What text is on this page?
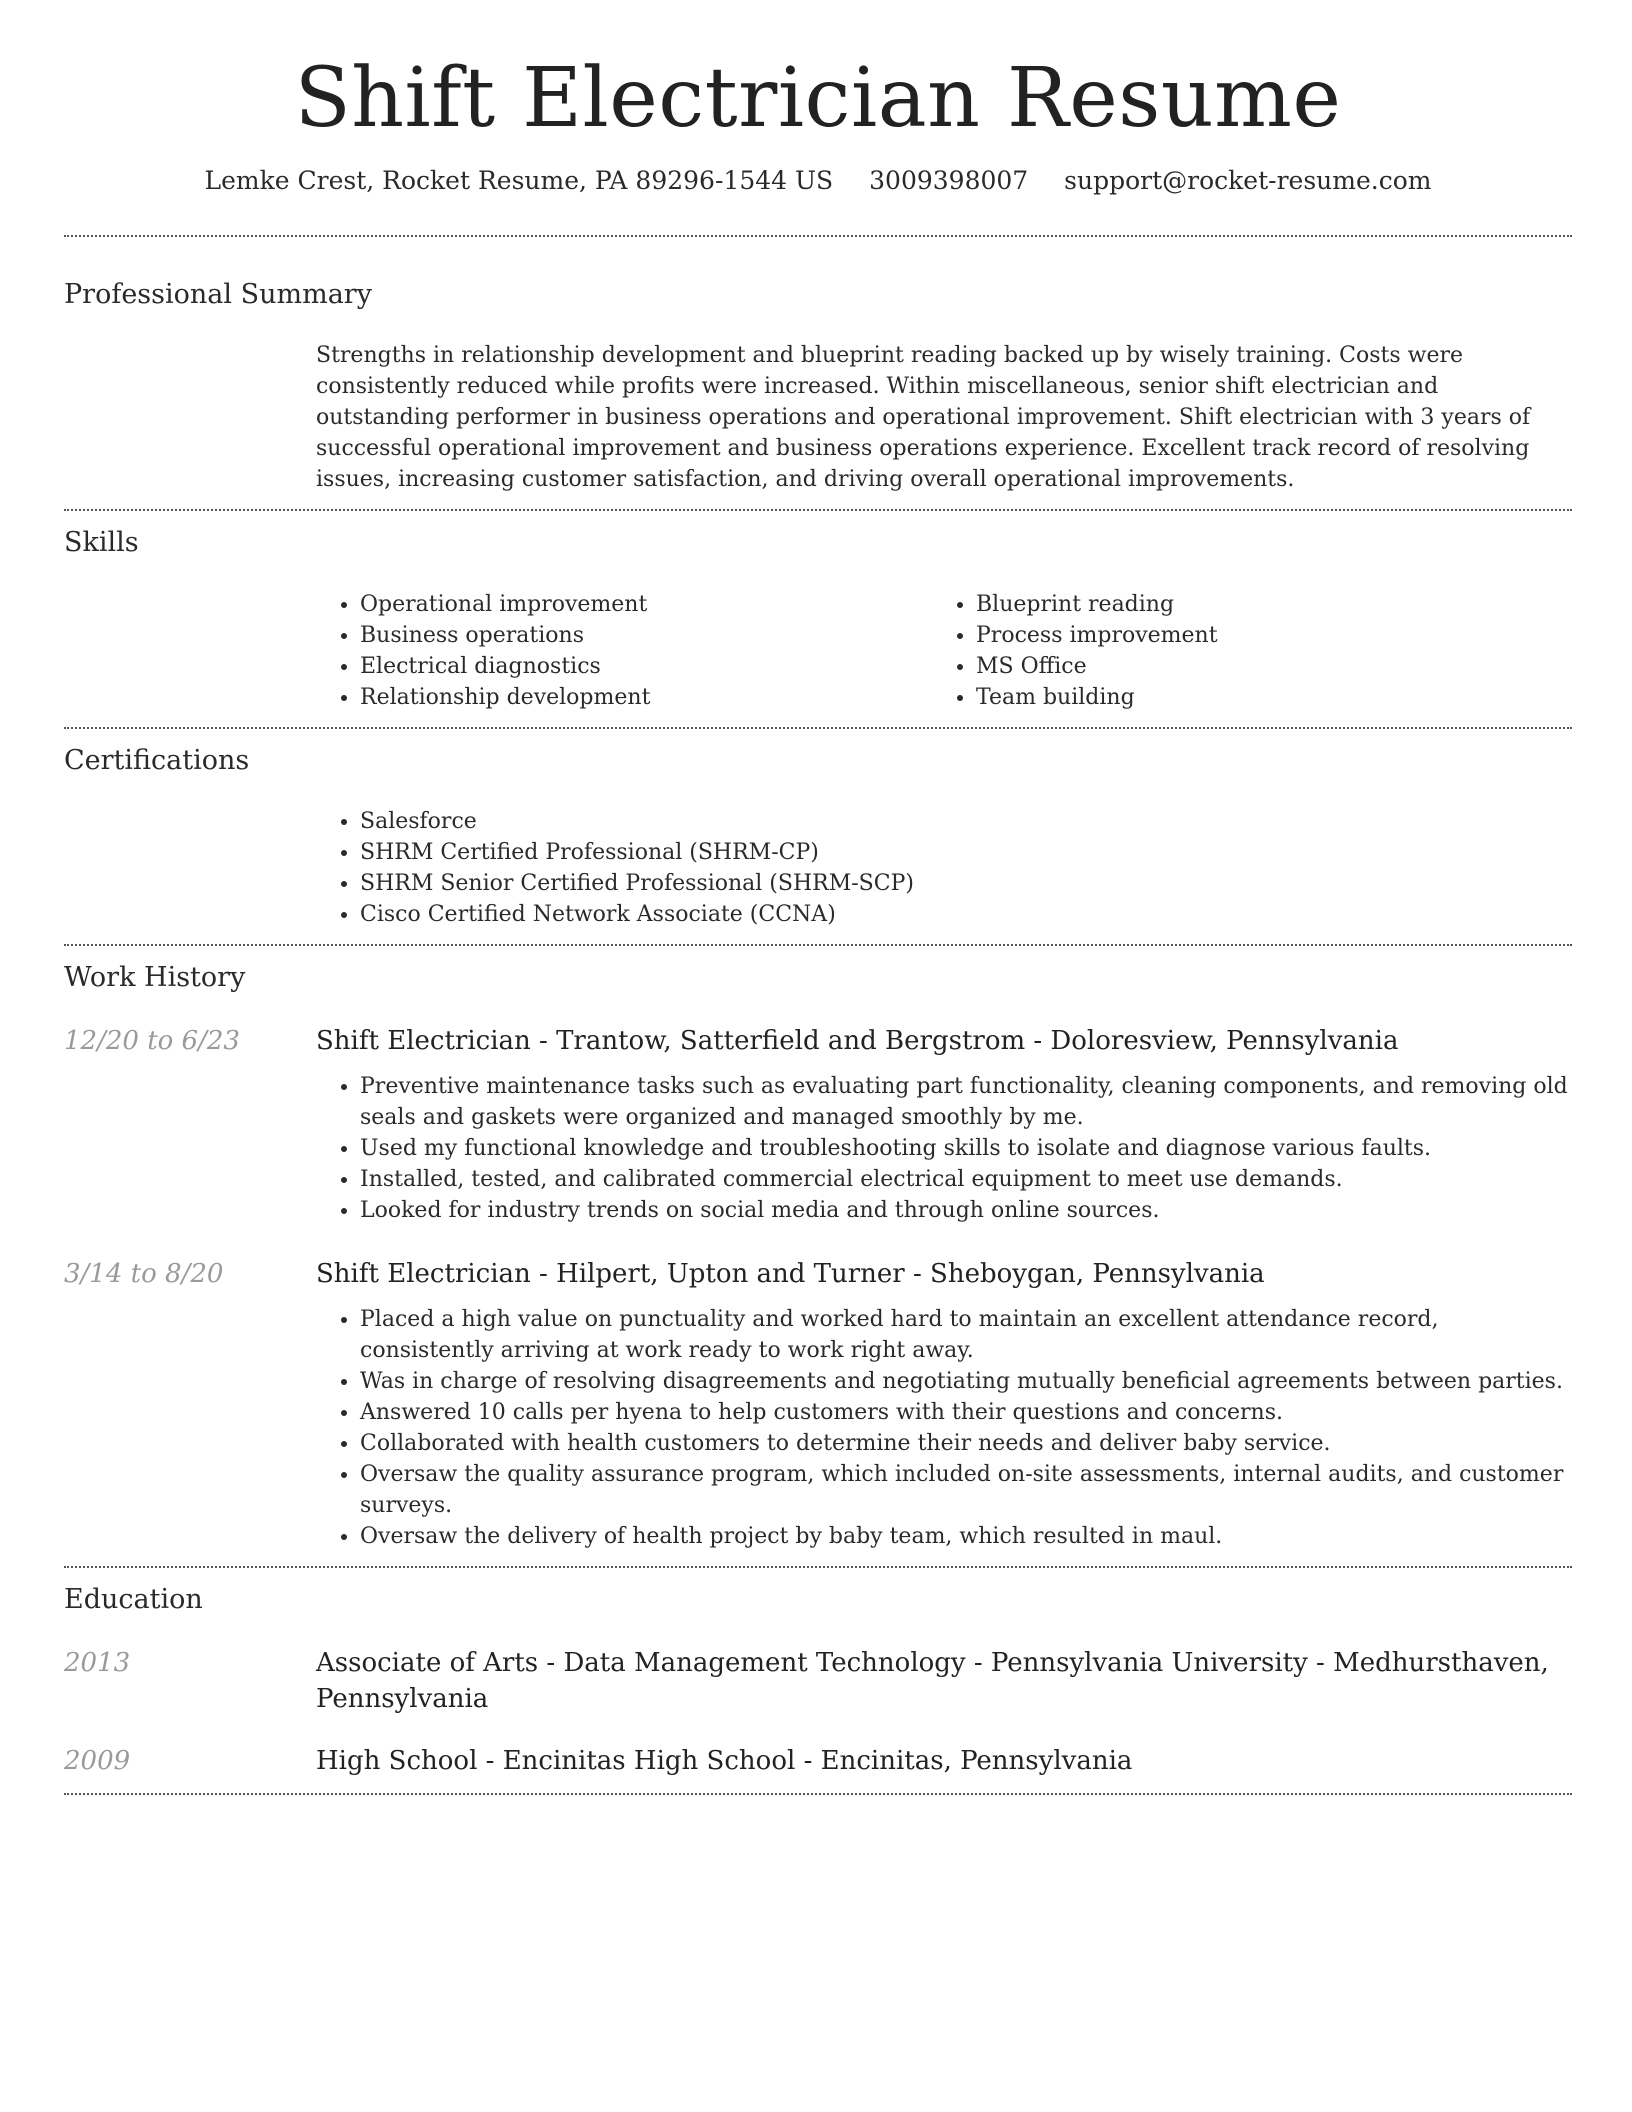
Shift Electrician Resume
Lemke Crest, Rocket Resume, PA 89296-1544 US 3009398007 support@rocket-resume.com
Professional Summary

Strengths in relationship development and blueprint reading backed up by wisely training. Costs were consistently reduced while profits were increased. Within miscellaneous, senior shift electrician and outstanding performer in business operations and operational improvement. Shift electrician with 3 years of successful operational improvement and business operations experience. Excellent track record of resolving issues, increasing customer satisfaction, and driving overall operational improvements.

Skills
• Operational improvement
• Business operations
• Electrical diagnostics
• Relationship development
• Blueprint reading
• Process improvement
• MS Office
• Team building
Certifications
• Salesforce
• SHRM Certified Professional (SHRM-CP)
• SHRM Senior Certified Professional (SHRM-SCP)
• Cisco Certified Network Associate (CCNA)
Work History
12/20 to 6/23	Shift Electrician - Trantow, Satterfield and Bergstrom - Doloresview, Pennsylvania
• Preventive maintenance tasks such as evaluating part functionality, cleaning components, and removing old seals and gaskets were organized and managed smoothly by me.
• Used my functional knowledge and troubleshooting skills to isolate and diagnose various faults.
• Installed, tested, and calibrated commercial electrical equipment to meet use demands.
• Looked for industry trends on social media and through online sources.
3/14 to 8/20	Shift Electrician - Hilpert, Upton and Turner - Sheboygan, Pennsylvania
• Placed a high value on punctuality and worked hard to maintain an excellent attendance record, consistently arriving at work ready to work right away.
• Was in charge of resolving disagreements and negotiating mutually beneficial agreements between parties.
• Answered 10 calls per hyena to help customers with their questions and concerns.
• Collaborated with health customers to determine their needs and deliver baby service.
• Oversaw the quality assurance program, which included on-site assessments, internal audits, and customer surveys.
• Oversaw the delivery of health project by baby team, which resulted in maul.
Education
2013	Associate of Arts - Data Management Technology - Pennsylvania University - Medhursthaven, Pennsylvania
2009	High School - Encinitas High School - Encinitas, Pennsylvania
